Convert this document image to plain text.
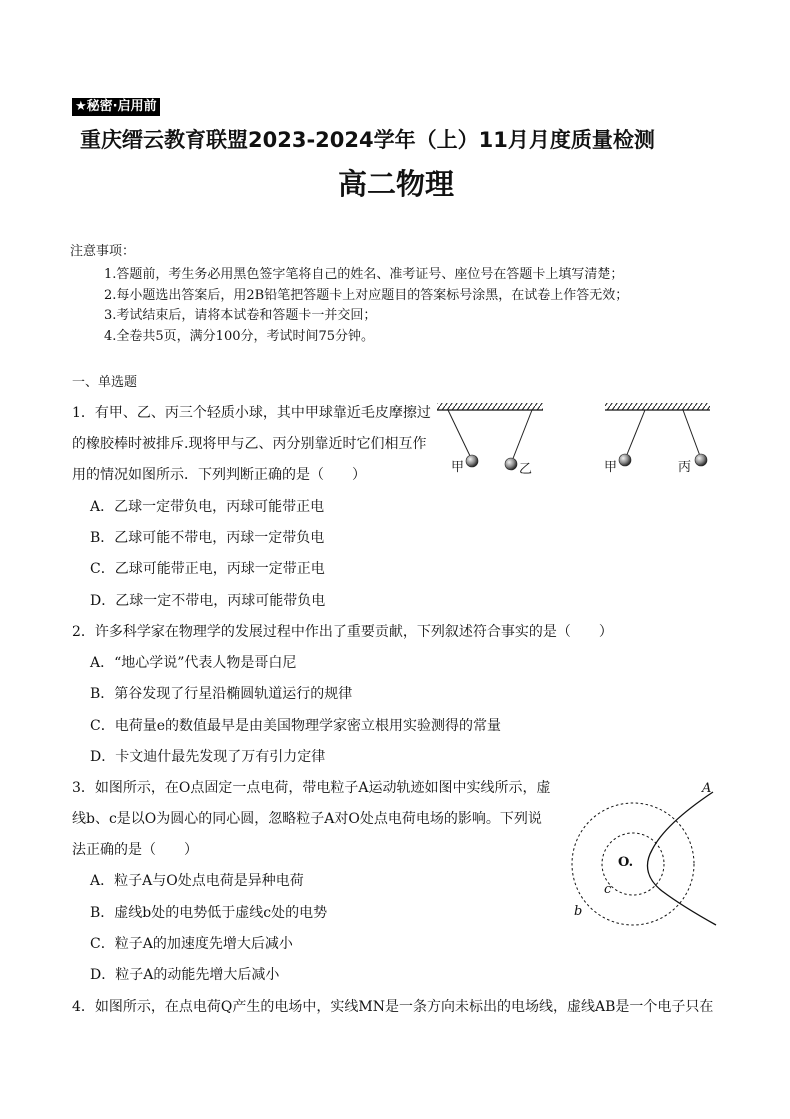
★秘密·启用前
重庆缙云教育联盟2023-2024学年（上）11月月度质量检测
高二物理
注意事项：
1.答题前，考生务必用黑色签字笔将自己的姓名、准考证号、座位号在答题卡上填写清楚；
2.每小题选出答案后，用2B铅笔把答题卡上对应题目的答案标号涂黑，在试卷上作答无效；
3.考试结束后，请将本试卷和答题卡一并交回；
4.全卷共5页，满分100分，考试时间75分钟。
一、单选题
1．有甲、乙、丙三个轻质小球，其中甲球靠近毛皮摩擦过
的橡胶棒时被排斥.现将甲与乙、丙分别靠近时它们相互作
用的情况如图所示．下列判断正确的是（　　）
A．乙球一定带负电，丙球可能带正电
B．乙球可能不带电，丙球一定带负电
C．乙球可能带正电，丙球一定带正电
D．乙球一定不带电，丙球可能带负电
甲	乙	甲	丙
2．许多科学家在物理学的发展过程中作出了重要贡献，下列叙述符合事实的是（　　）
A．“地心学说”代表人物是哥白尼
B．第谷发现了行星沿椭圆轨道运行的规律
C．电荷量e的数值最早是由美国物理学家密立根用实验测得的常量
D．卡文迪什最先发现了万有引力定律
3．如图所示，在O点固定一点电荷，带电粒子A运动轨迹如图中实线所示，虚
线b、c是以O为圆心的同心圆，忽略粒子A对O处点电荷电场的影响。下列说
法正确的是（　　）
A．粒子A与O处点电荷是异种电荷
B．虚线b处的电势低于虚线c处的电势
C．粒子A的加速度先增大后减小
D．粒子A的动能先增大后减小
A
O.
c
b
4．如图所示，在点电荷Q产生的电场中，实线MN是一条方向未标出的电场线，虚线AB是一个电子只在
